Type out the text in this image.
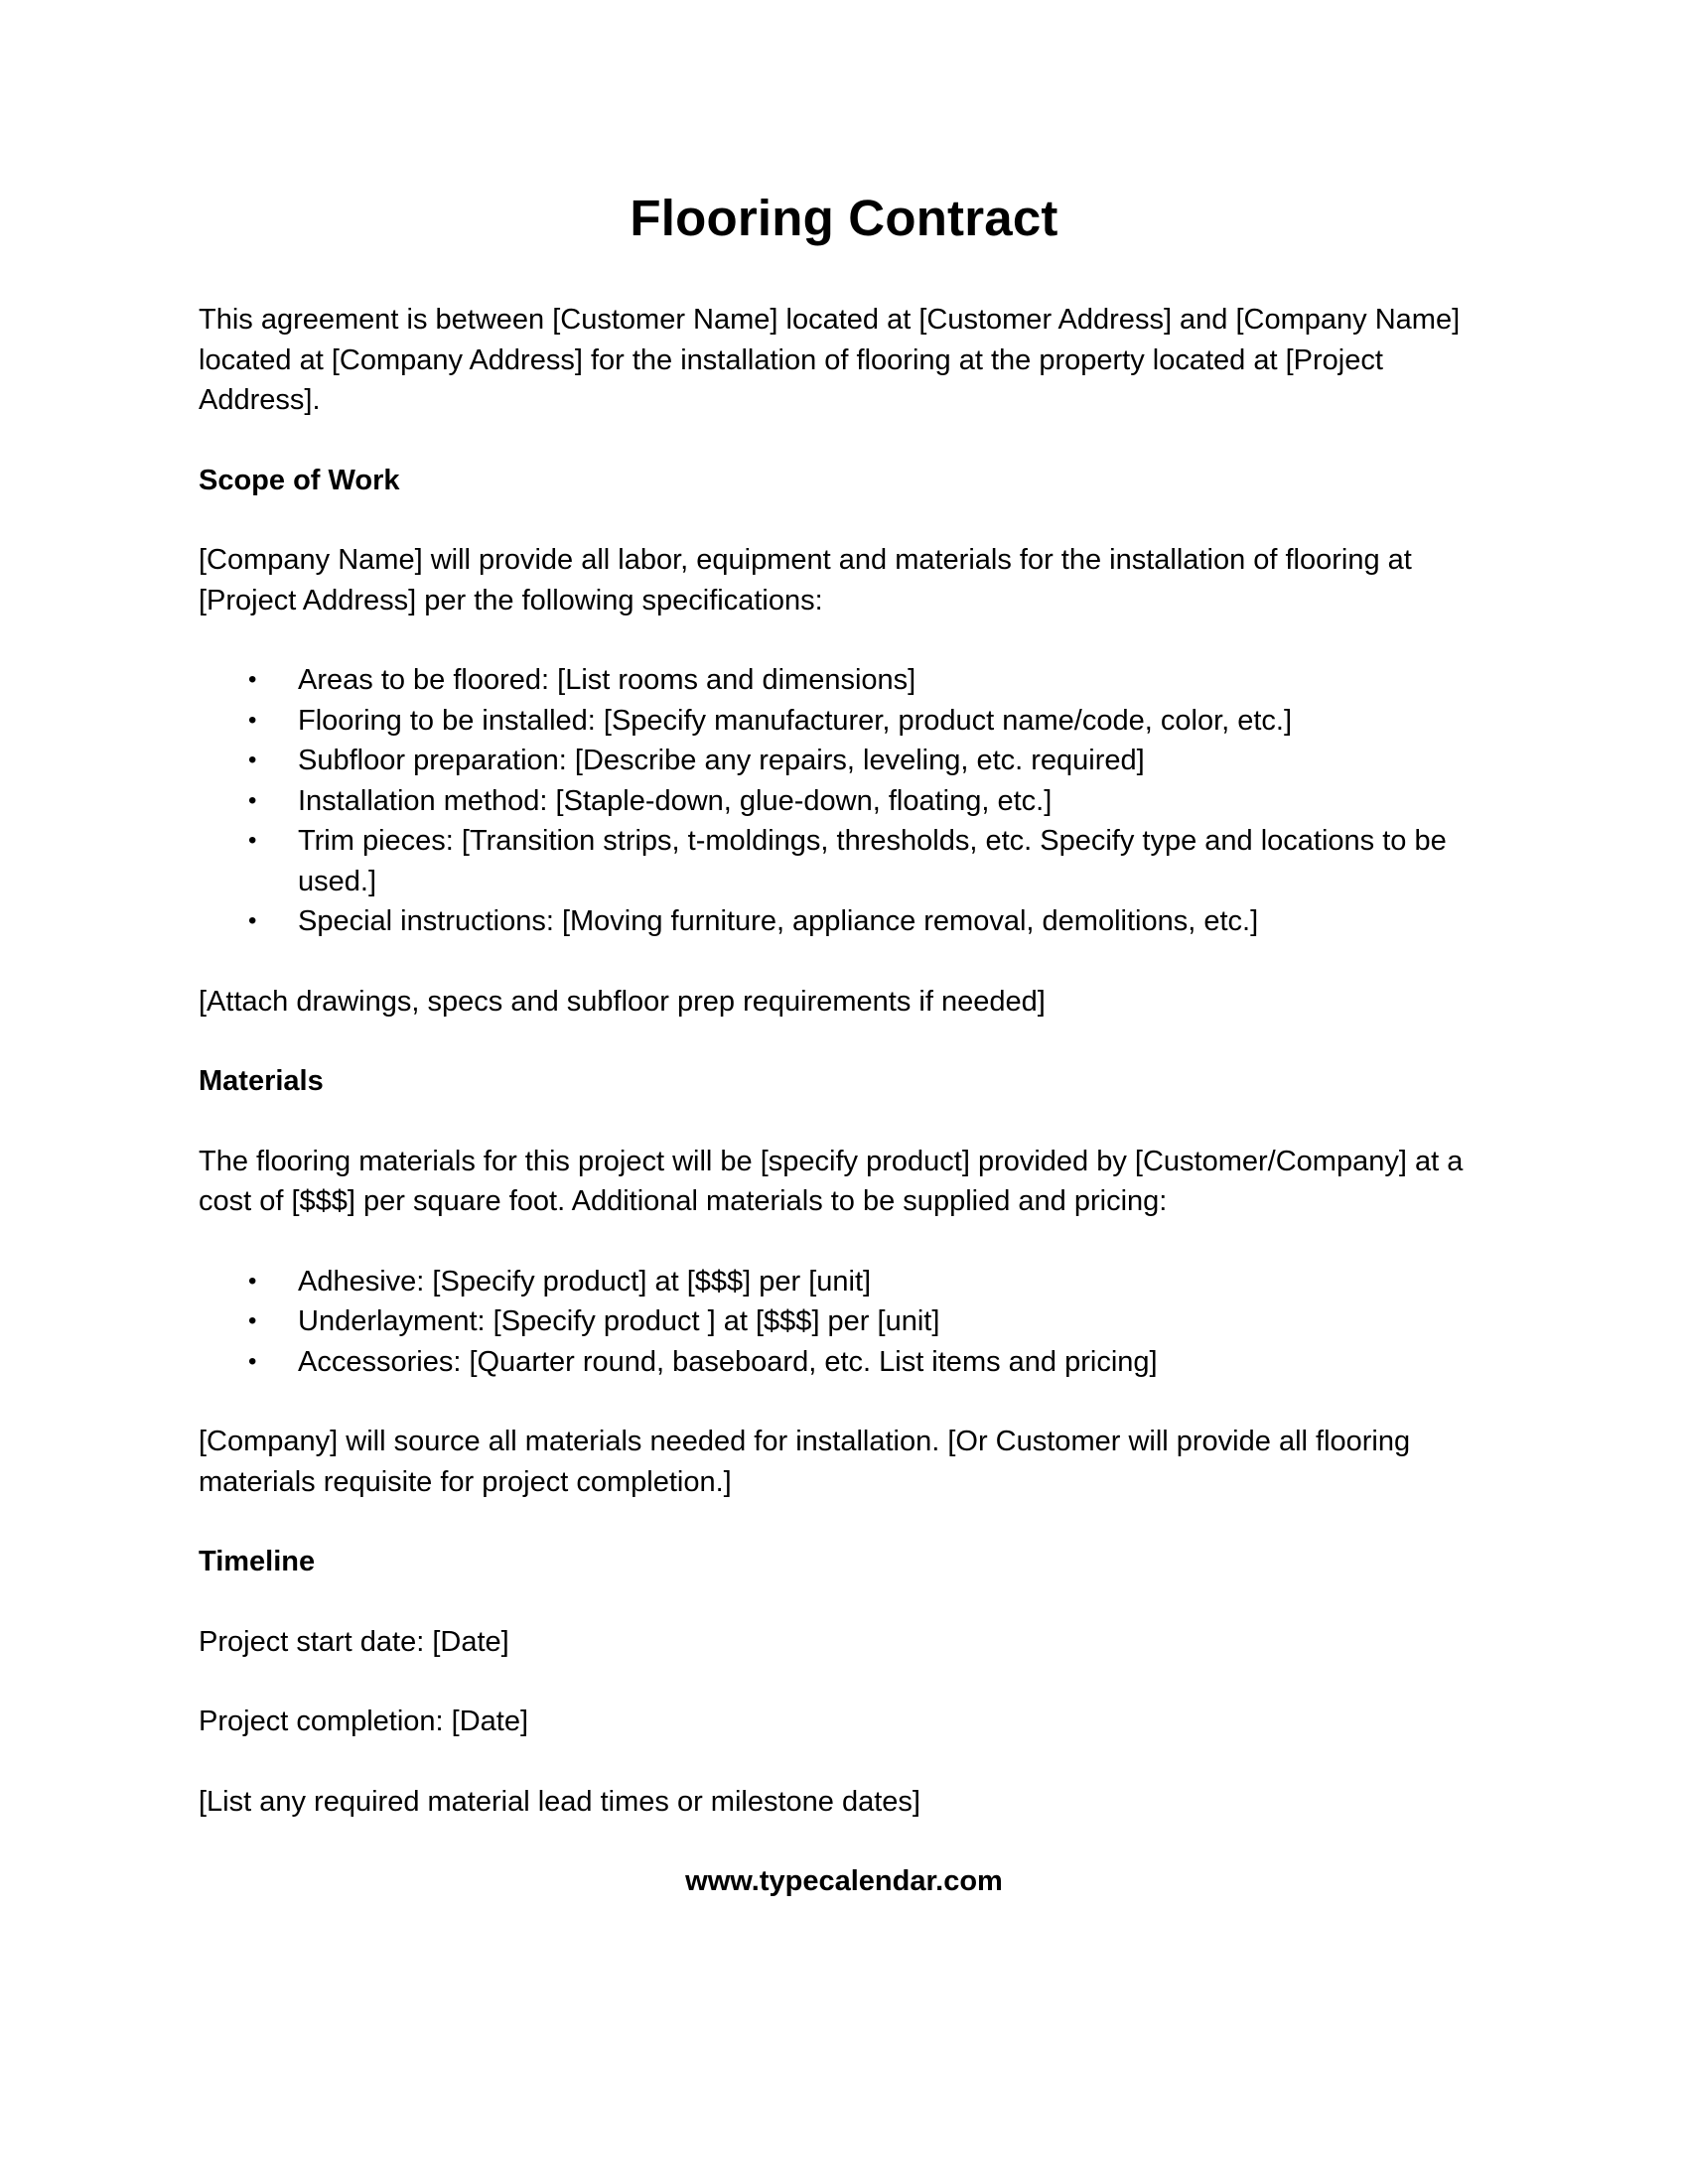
Flooring Contract

This agreement is between [Customer Name] located at [Customer Address] and [Company Name] located at [Company Address] for the installation of flooring at the property located at [Project Address].

Scope of Work

[Company Name] will provide all labor, equipment and materials for the installation of flooring at [Project Address] per the following specifications:

• Areas to be floored: [List rooms and dimensions]
• Flooring to be installed: [Specify manufacturer, product name/code, color, etc.]
• Subfloor preparation: [Describe any repairs, leveling, etc. required]
• Installation method: [Staple-down, glue-down, floating, etc.]
• Trim pieces: [Transition strips, t-moldings, thresholds, etc. Specify type and locations to be used.]
• Special instructions: [Moving furniture, appliance removal, demolitions, etc.]

[Attach drawings, specs and subfloor prep requirements if needed]

Materials

The flooring materials for this project will be [specify product] provided by [Customer/Company] at a cost of [$$$] per square foot. Additional materials to be supplied and pricing:

• Adhesive: [Specify product] at [$$$] per [unit]
• Underlayment: [Specify product ] at [$$$] per [unit]
• Accessories: [Quarter round, baseboard, etc. List items and pricing]

[Company] will source all materials needed for installation. [Or Customer will provide all flooring materials requisite for project completion.]

Timeline

Project start date: [Date]

Project completion: [Date]

[List any required material lead times or milestone dates]

www.typecalendar.com
